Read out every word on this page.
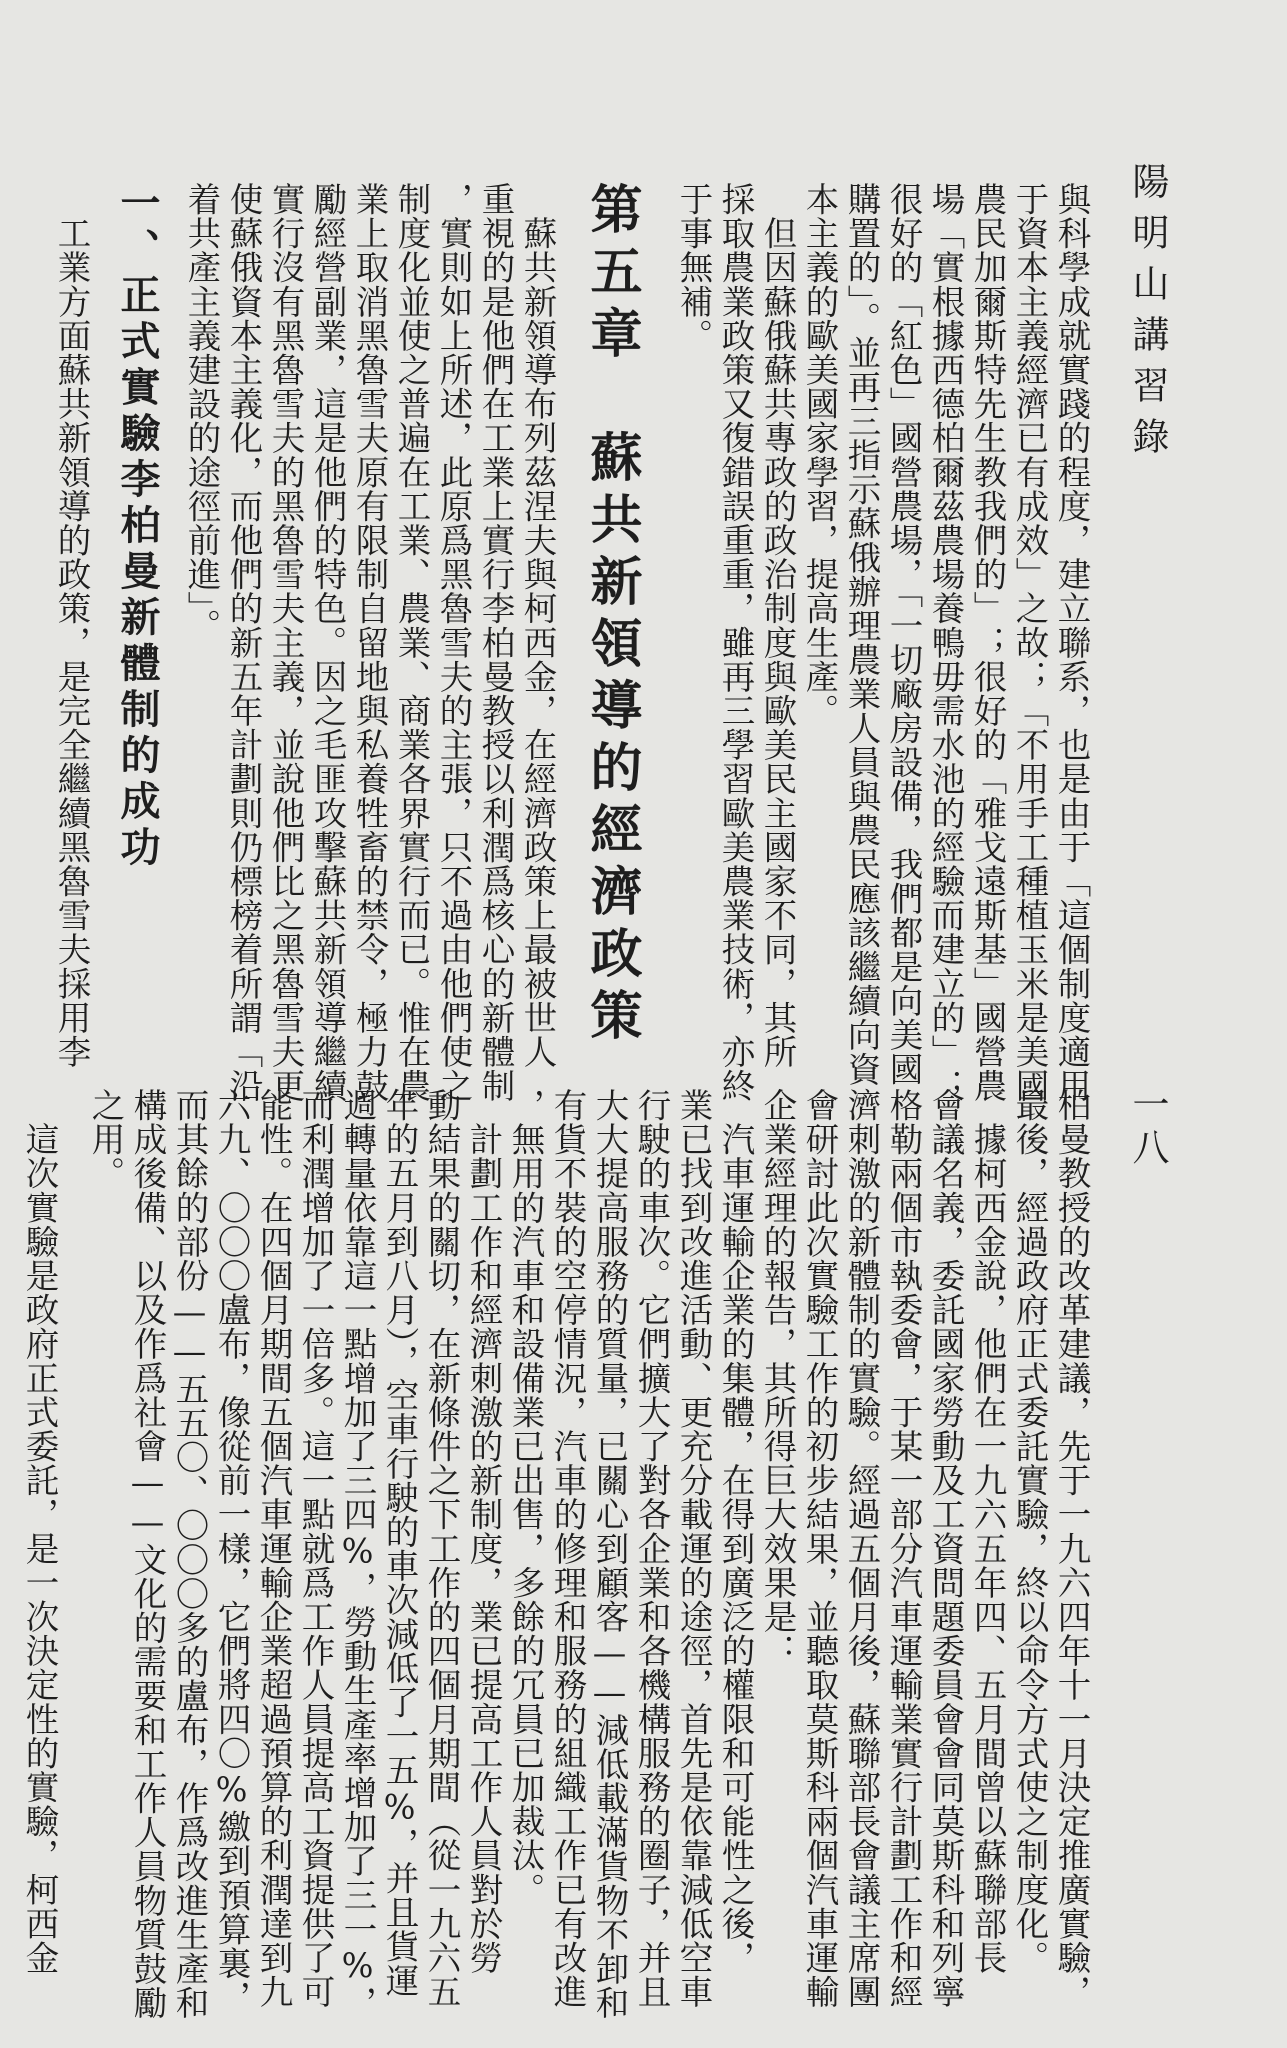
陽明山講習錄

一八

與科學成就實踐的程度，建立聯系，也是由于「這個制度適用
于資本主義經濟已有成效」之故；「不用手工種植玉米是美國
農民加爾斯特先生教我們的」；很好的「雅戈遠斯基」國營農
場「實根據西德柏爾茲農場養鴨毋需水池的經驗而建立的」；
很好的「紅色」國營農場，「一切廠房設備，我們都是向美國
購置的」。並再三指示蘇俄辦理農業人員與農民應該繼續向資
本主義的歐美國家學習，提高生產。
　但因蘇俄蘇共專政的政治制度與歐美民主國家不同，其所
採取農業政策又復錯誤重重，雖再三學習歐美農業技術，亦終
于事無補。
第五章　蘇共新領導的經濟政策
　蘇共新領導布列茲涅夫與柯西金，在經濟政策上最被世人
重視的是他們在工業上實行李柏曼教授以利潤爲核心的新體制
，實則如上所述，此原爲黑魯雪夫的主張，只不過由他們使之
制度化並使之普遍在工業、農業、商業各界實行而已。惟在農
業上取消黑魯雪夫原有限制自留地與私養牲畜的禁令，極力鼓
勵經營副業，這是他們的特色。因之毛匪攻擊蘇共新領導繼續
實行沒有黑魯雪夫的黑魯雪夫主義，並說他們比之黑魯雪夫更
使蘇俄資本主義化，而他們的新五年計劃則仍標榜着所謂「沿
着共產主義建設的途徑前進」。
一、正式實驗李柏曼新體制的成功
　工業方面蘇共新領導的政策，是完全繼續黑魯雪夫採用李
柏曼教授的改革建議，先于一九六四年十一月決定推廣實驗，
最後，經過政府正式委託實驗，終以命令方式使之制度化。
　據柯西金說，他們在一九六五年四、五月間曾以蘇聯部長
會議名義，委託國家勞動及工資問題委員會會同莫斯科和列寧
格勒兩個市執委會，于某一部分汽車運輸業實行計劃工作和經
濟刺激的新體制的實驗。經過五個月後，蘇聯部長會議主席團
會研討此次實驗工作的初步結果，並聽取莫斯科兩個汽車運輸
企業經理的報告，其所得巨大效果是：
　汽車運輸企業的集體，在得到廣泛的權限和可能性之後，
業已找到改進活動、更充分載運的途徑，首先是依靠減低空車
行駛的車次。它們擴大了對各企業和各機構服務的圈子，并且
大大提高服務的質量，已關心到顧客——減低載滿貨物不卸和
有貨不裝的空停情況，汽車的修理和服務的組織工作已有改進
，無用的汽車和設備業已出售，多餘的冗員已加裁汰。
　計劃工作和經濟刺激的新制度，業已提高工作人員對於勞
動結果的關切，在新條件之下工作的四個月期間（從一九六五
年的五月到八月），空車行駛的車次減低了一五%，并且貨運
週轉量依靠這一點增加了三四%，勞動生產率增加了三一%，
而利潤增加了一倍多。這一點就爲工作人員提高工資提供了可
能性。在四個月期間五個汽車運輸企業超過預算的利潤達到九
六九、〇〇〇盧布，像從前一樣，它們將四〇%繳到預算裏，
而其餘的部份——五五〇、〇〇〇多的盧布，作爲改進生產和
構成後備、以及作爲社會——文化的需要和工作人員物質鼓勵
之用。
　這次實驗是政府正式委託，是一次決定性的實驗，柯西金
